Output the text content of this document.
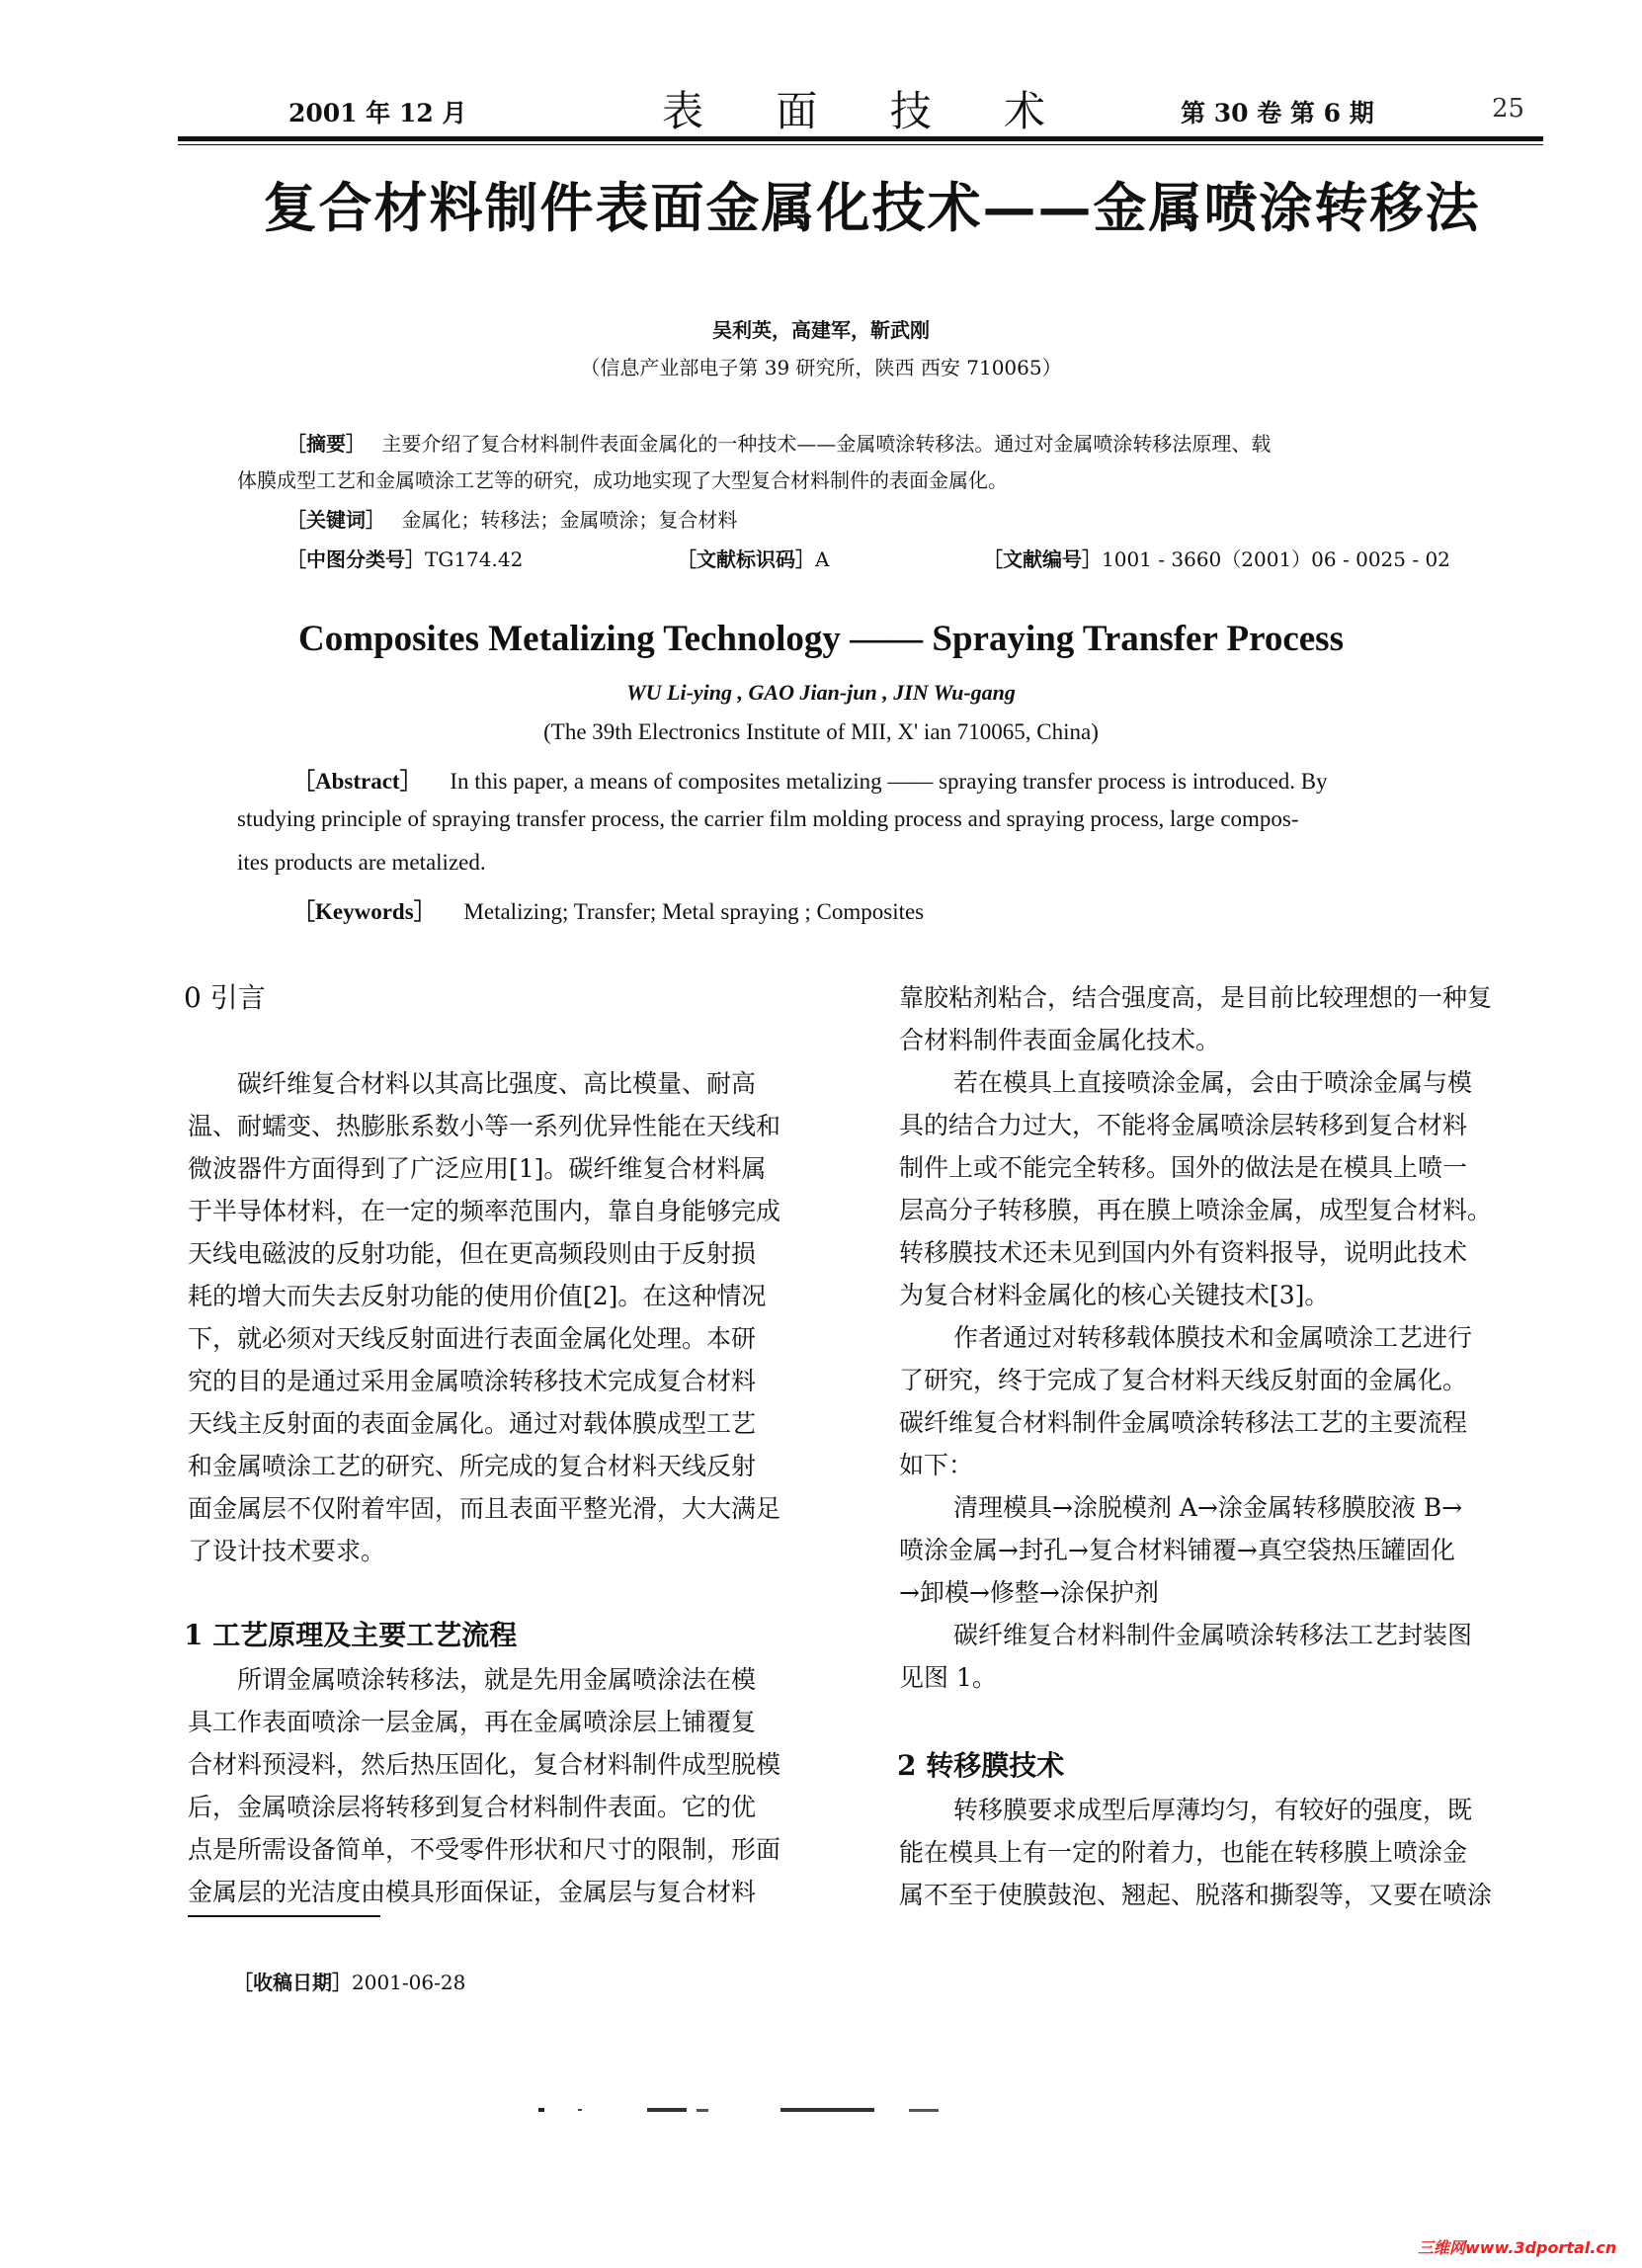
2001 年 12 月	表 面 技 术	第 30 卷 第 6 期	25
复合材料制件表面金属化技术——金属喷涂转移法
吴利英，高建军，靳武刚
（信息产业部电子第 39 研究所，陕西 西安 710065）
［摘要］ 主要介绍了复合材料制件表面金属化的一种技术——金属喷涂转移法。通过对金属喷涂转移法原理、载
体膜成型工艺和金属喷涂工艺等的研究，成功地实现了大型复合材料制件的表面金属化。
［关键词］ 金属化；转移法；金属喷涂；复合材料
［中图分类号］TG174.42	［文献标识码］A	［文献编号］1001 - 3660（2001）06 - 0025 - 02
Composites Metalizing Technology —— Spraying Transfer Process
WU Li-ying , GAO Jian-jun , JIN Wu-gang
(The 39th Electronics Institute of MII, X' ian 710065, China)
［Abstract］ In this paper, a means of composites metalizing —— spraying transfer process is introduced. By
studying principle of spraying transfer process, the carrier film molding process and spraying process, large compos-
ites products are metalized.
［Keywords］ Metalizing; Transfer; Metal spraying ; Composites
0 引言
碳纤维复合材料以其高比强度、高比模量、耐高
温、耐蠕变、热膨胀系数小等一系列优异性能在天线和
微波器件方面得到了广泛应用[1]。碳纤维复合材料属
于半导体材料，在一定的频率范围内，靠自身能够完成
天线电磁波的反射功能，但在更高频段则由于反射损
耗的增大而失去反射功能的使用价值[2]。在这种情况
下，就必须对天线反射面进行表面金属化处理。本研
究的目的是通过采用金属喷涂转移技术完成复合材料
天线主反射面的表面金属化。通过对载体膜成型工艺
和金属喷涂工艺的研究、所完成的复合材料天线反射
面金属层不仅附着牢固，而且表面平整光滑，大大满足
了设计技术要求。
1 工艺原理及主要工艺流程
所谓金属喷涂转移法，就是先用金属喷涂法在模
具工作表面喷涂一层金属，再在金属喷涂层上铺覆复
合材料预浸料，然后热压固化，复合材料制件成型脱模
后，金属喷涂层将转移到复合材料制件表面。它的优
点是所需设备简单，不受零件形状和尺寸的限制，形面
金属层的光洁度由模具形面保证，金属层与复合材料
［收稿日期］2001-06-28
靠胶粘剂粘合，结合强度高，是目前比较理想的一种复
合材料制件表面金属化技术。
若在模具上直接喷涂金属，会由于喷涂金属与模
具的结合力过大，不能将金属喷涂层转移到复合材料
制件上或不能完全转移。国外的做法是在模具上喷一
层高分子转移膜，再在膜上喷涂金属，成型复合材料。
转移膜技术还未见到国内外有资料报导，说明此技术
为复合材料金属化的核心关键技术[3]。
作者通过对转移载体膜技术和金属喷涂工艺进行
了研究，终于完成了复合材料天线反射面的金属化。
碳纤维复合材料制件金属喷涂转移法工艺的主要流程
如下：
清理模具→涂脱模剂 A→涂金属转移膜胶液 B→
喷涂金属→封孔→复合材料铺覆→真空袋热压罐固化
→卸模→修整→涂保护剂
碳纤维复合材料制件金属喷涂转移法工艺封装图
见图 1。
2 转移膜技术
转移膜要求成型后厚薄均匀，有较好的强度，既
能在模具上有一定的附着力，也能在转移膜上喷涂金
属不至于使膜鼓泡、翘起、脱落和撕裂等，又要在喷涂
三维网www.3dportal.cn
